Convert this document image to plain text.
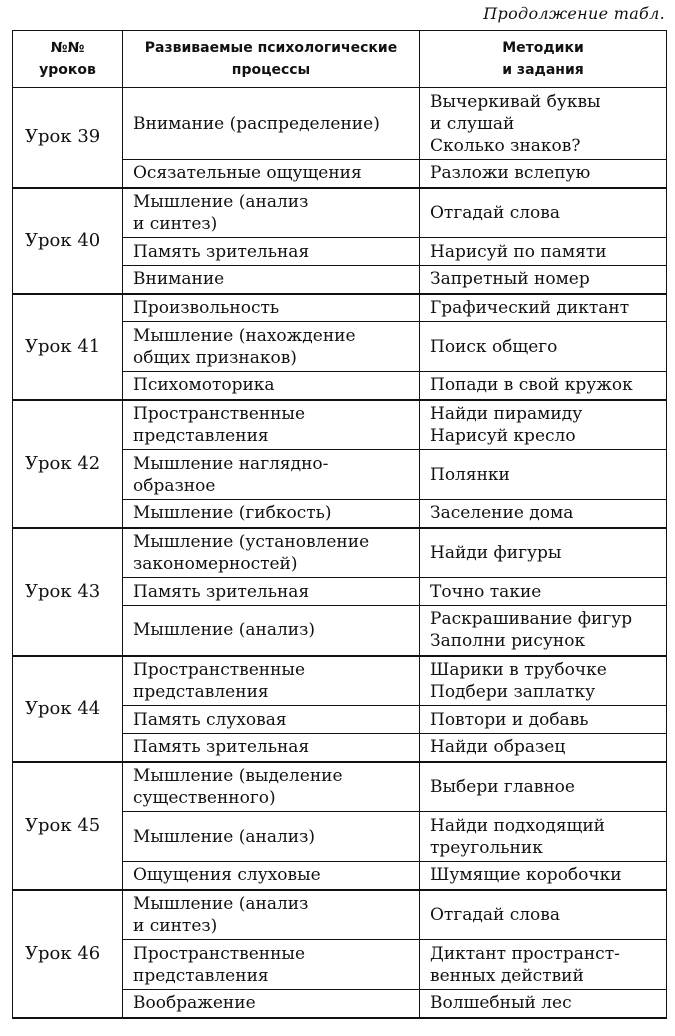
Продолжение табл.
№№
уроков	Развиваемые психологические
процессы	Методики
и задания

Урок 39	Внимание (распределение)	Вычеркивай буквы
и слушай
Сколько знаков?

	Осязательные ощущения	Разложи вслепую

Урок 40	Мышление (анализ
и синтез)	Отгадай слова

	Память зрительная	Нарисуй по памяти

	Внимание	Запретный номер

Урок 41	Произвольность	Графический диктант

	Мышление (нахождение
общих признаков)	Поиск общего

	Психомоторика	Попади в свой кружок

Урок 42	Пространственные
представления	Найди пирамиду
Нарисуй кресло

	Мышление наглядно-
образное	Полянки

	Мышление (гибкость)	Заселение дома

Урок 43	Мышление (установление
закономерностей)	Найди фигуры

	Память зрительная	Точно такие

	Мышление (анализ)	Раскрашивание фигур
Заполни рисунок

Урок 44	Пространственные
представления	Шарики в трубочке
Подбери заплатку

	Память слуховая	Повтори и добавь

	Память зрительная	Найди образец

Урок 45	Мышление (выделение
существенного)	Выбери главное

	Мышление (анализ)	Найди подходящий
треугольник

	Ощущения слуховые	Шумящие коробочки

Урок 46	Мышление (анализ
и синтез)	Отгадай слова

	Пространственные
представления	Диктант пространст-
венных действий

	Воображение	Волшебный лес
